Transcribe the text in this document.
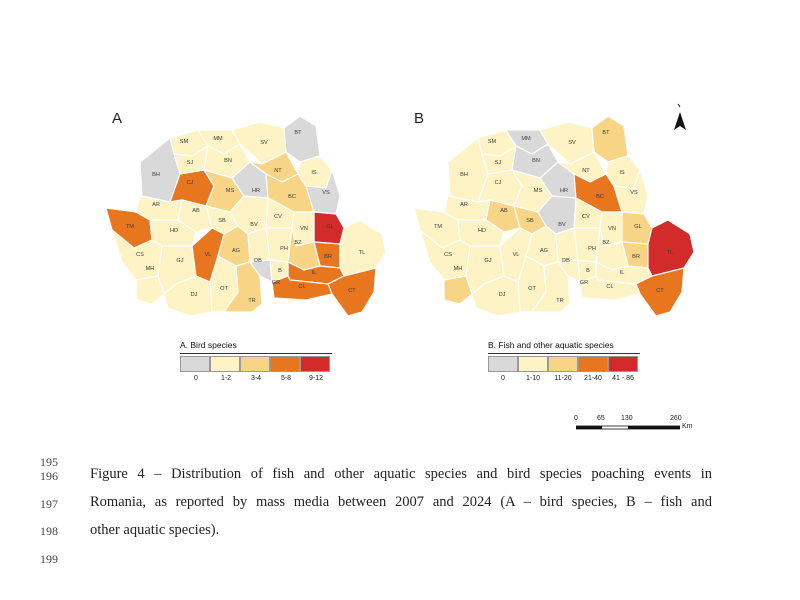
A	B
SM	MM
SJ	BN
BH
CJ
MS	HR
NT
BC
SV
BT
IS
VS
GL
TM
AR
AB
HD
SB
BV
CV
VN
BR
TL
CS
MH
GJ
VL
AG
DB
PH
BZ
IL
CT
OT
DJ
TR
GR
CL
B
SM	MM
SJ	BN
BH
CJ
MS	HR
NT
BC
SV
BT
IS
VS
GL
TM
AR
AB
HD
SB
BV
CV
VN
BR
TL
CS
MH
GJ
VL
AG
DB
PH
BZ
IL
CT
OT
DJ
TR
GR
CL
B
A. Bird species
0	1-2	3-4	5-8	9-12
B. Fish and other aquatic species
0	1-10	11-20	21-40	41 - 86
0	65 130	260
Km
195
196
197
198
199
Figure 4 – Distribution of fish and other aquatic species and bird species poaching events in
Romania, as reported by mass media between 2007 and 2024 (A – bird species, B – fish and
other aquatic species).
